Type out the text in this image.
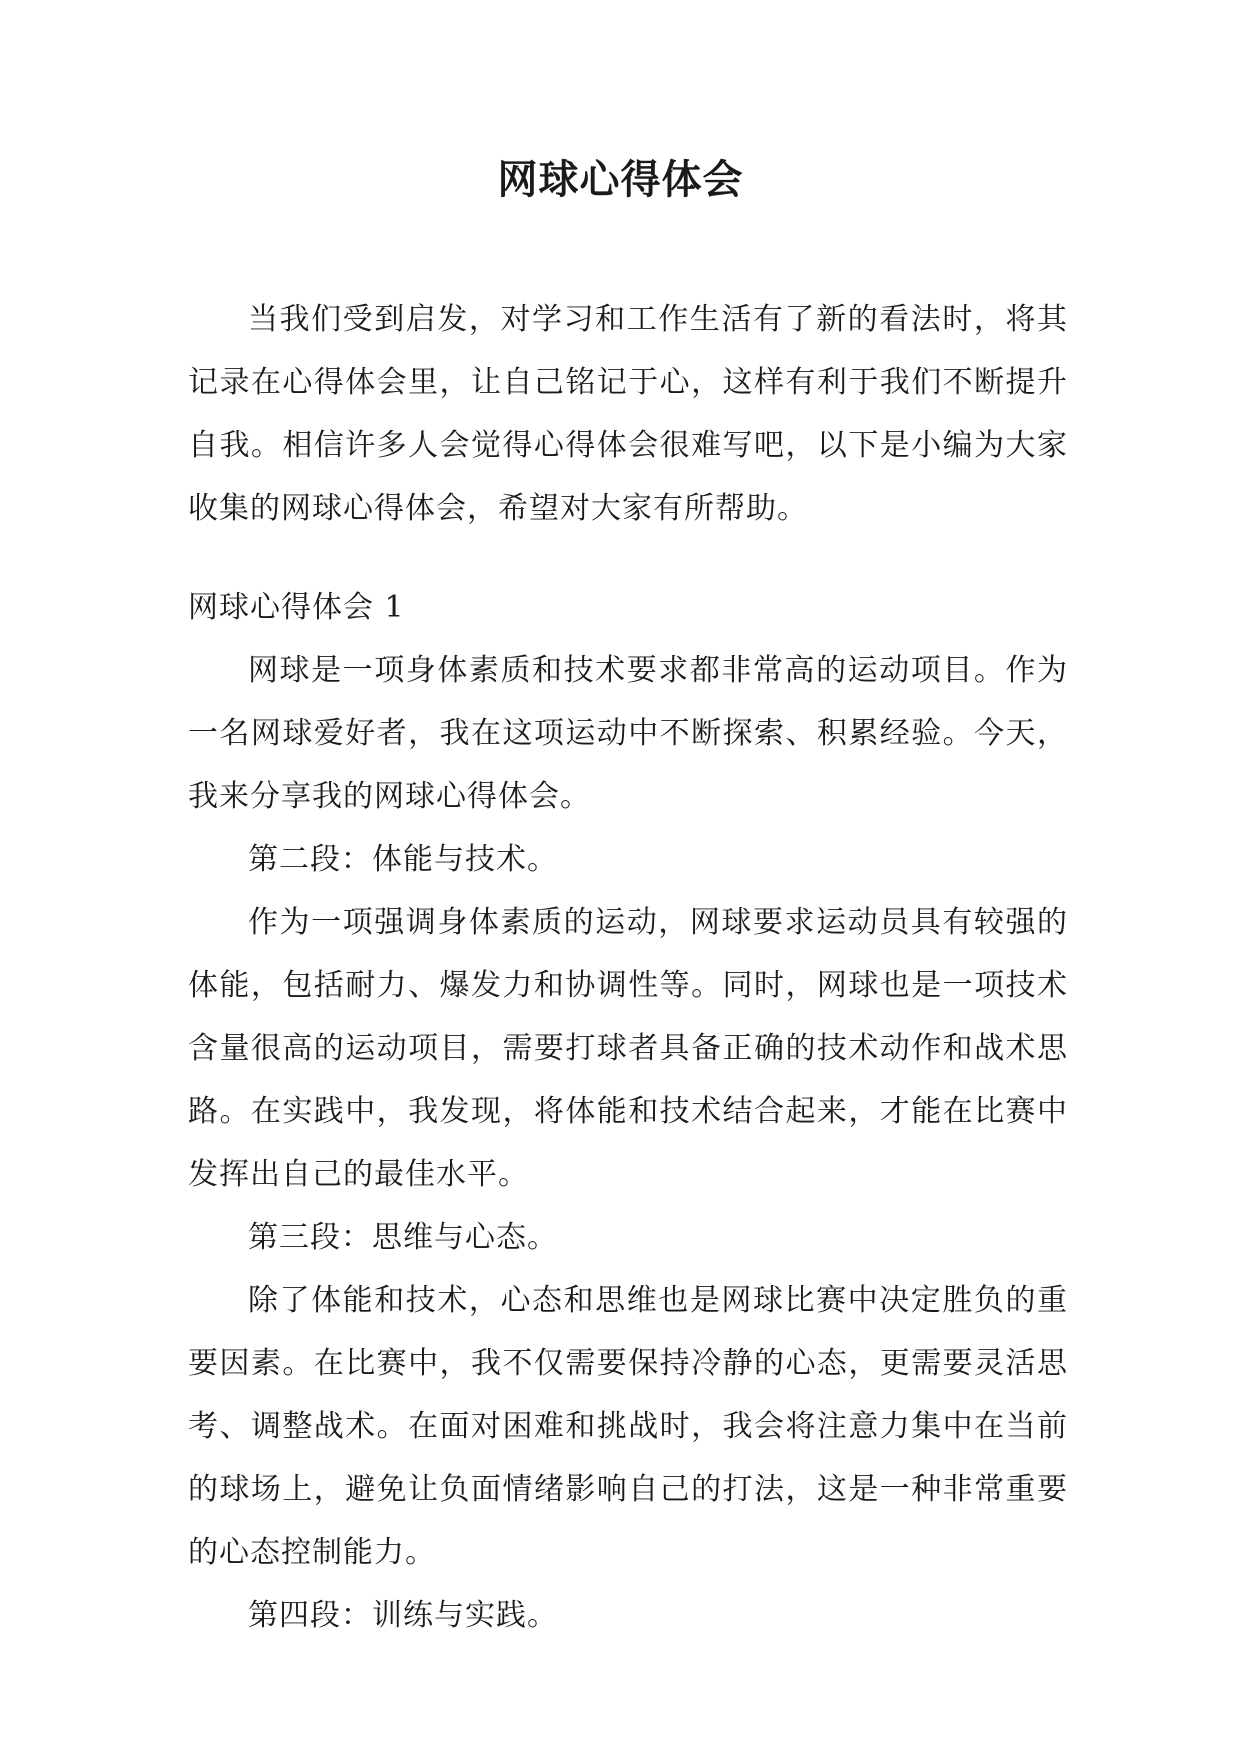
网球心得体会

当我们受到启发，对学习和工作生活有了新的看法时，将其记录在心得体会里，让自己铭记于心，这样有利于我们不断提升自我。相信许多人会觉得心得体会很难写吧，以下是小编为大家收集的网球心得体会，希望对大家有所帮助。

网球心得体会 1

网球是一项身体素质和技术要求都非常高的运动项目。作为一名网球爱好者，我在这项运动中不断探索、积累经验。今天，我来分享我的网球心得体会。

第二段：体能与技术。

作为一项强调身体素质的运动，网球要求运动员具有较强的体能，包括耐力、爆发力和协调性等。同时，网球也是一项技术含量很高的运动项目，需要打球者具备正确的技术动作和战术思路。在实践中，我发现，将体能和技术结合起来，才能在比赛中发挥出自己的最佳水平。

第三段：思维与心态。

除了体能和技术，心态和思维也是网球比赛中决定胜负的重要因素。在比赛中，我不仅需要保持冷静的心态，更需要灵活思考、调整战术。在面对困难和挑战时，我会将注意力集中在当前的球场上，避免让负面情绪影响自己的打法，这是一种非常重要的心态控制能力。

第四段：训练与实践。
